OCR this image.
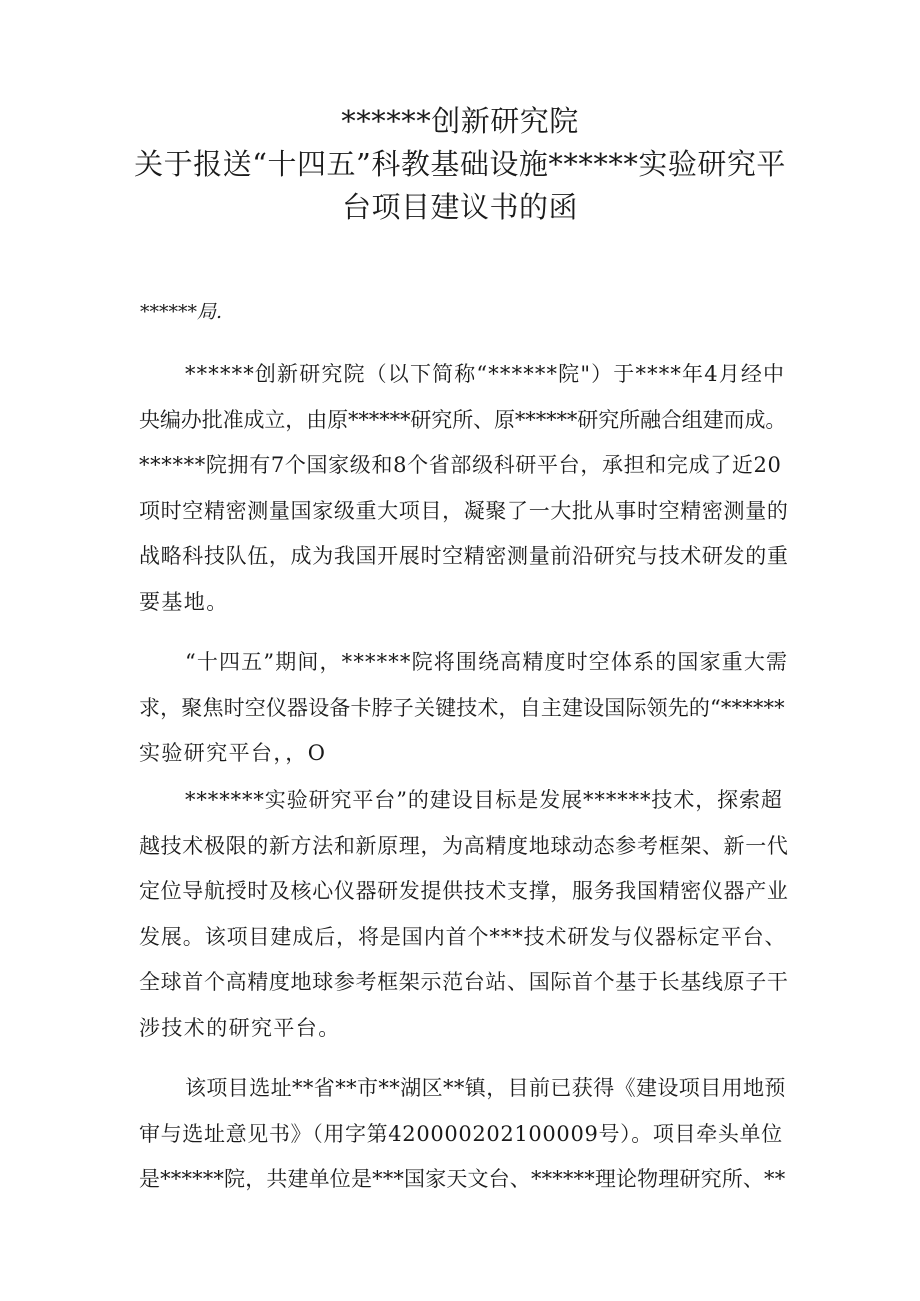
******创新研究院
关于报送“十四五”科教基础设施******实验研究平
台项目建议书的函
******局.
******创新研究院（以下简称“******院"）于****年4月经中
央编办批准成立，由原******研究所、原******研究所融合组建而成。
******院拥有7个国家级和8个省部级科研平台，承担和完成了近20
项时空精密测量国家级重大项目，凝聚了一大批从事时空精密测量的
战略科技队伍，成为我国开展时空精密测量前沿研究与技术研发的重
要基地。
“十四五”期间，******院将围绕高精度时空体系的国家重大需
求，聚焦时空仪器设备卡脖子关键技术，自主建设国际领先的“******
实验研究平台，，O
*******实验研究平台”的建设目标是发展******技术，探索超
越技术极限的新方法和新原理，为高精度地球动态参考框架、新一代
定位导航授时及核心仪器研发提供技术支撑，服务我国精密仪器产业
发展。该项目建成后，将是国内首个***技术研发与仪器标定平台、
全球首个高精度地球参考框架示范台站、国际首个基于长基线原子干
涉技术的研究平台。
该项目选址**省**市**湖区**镇，目前已获得《建设项目用地预
审与选址意见书》（用字第420000202100009号）。项目牵头单位
是******院，共建单位是***国家天文台、******理论物理研究所、**
